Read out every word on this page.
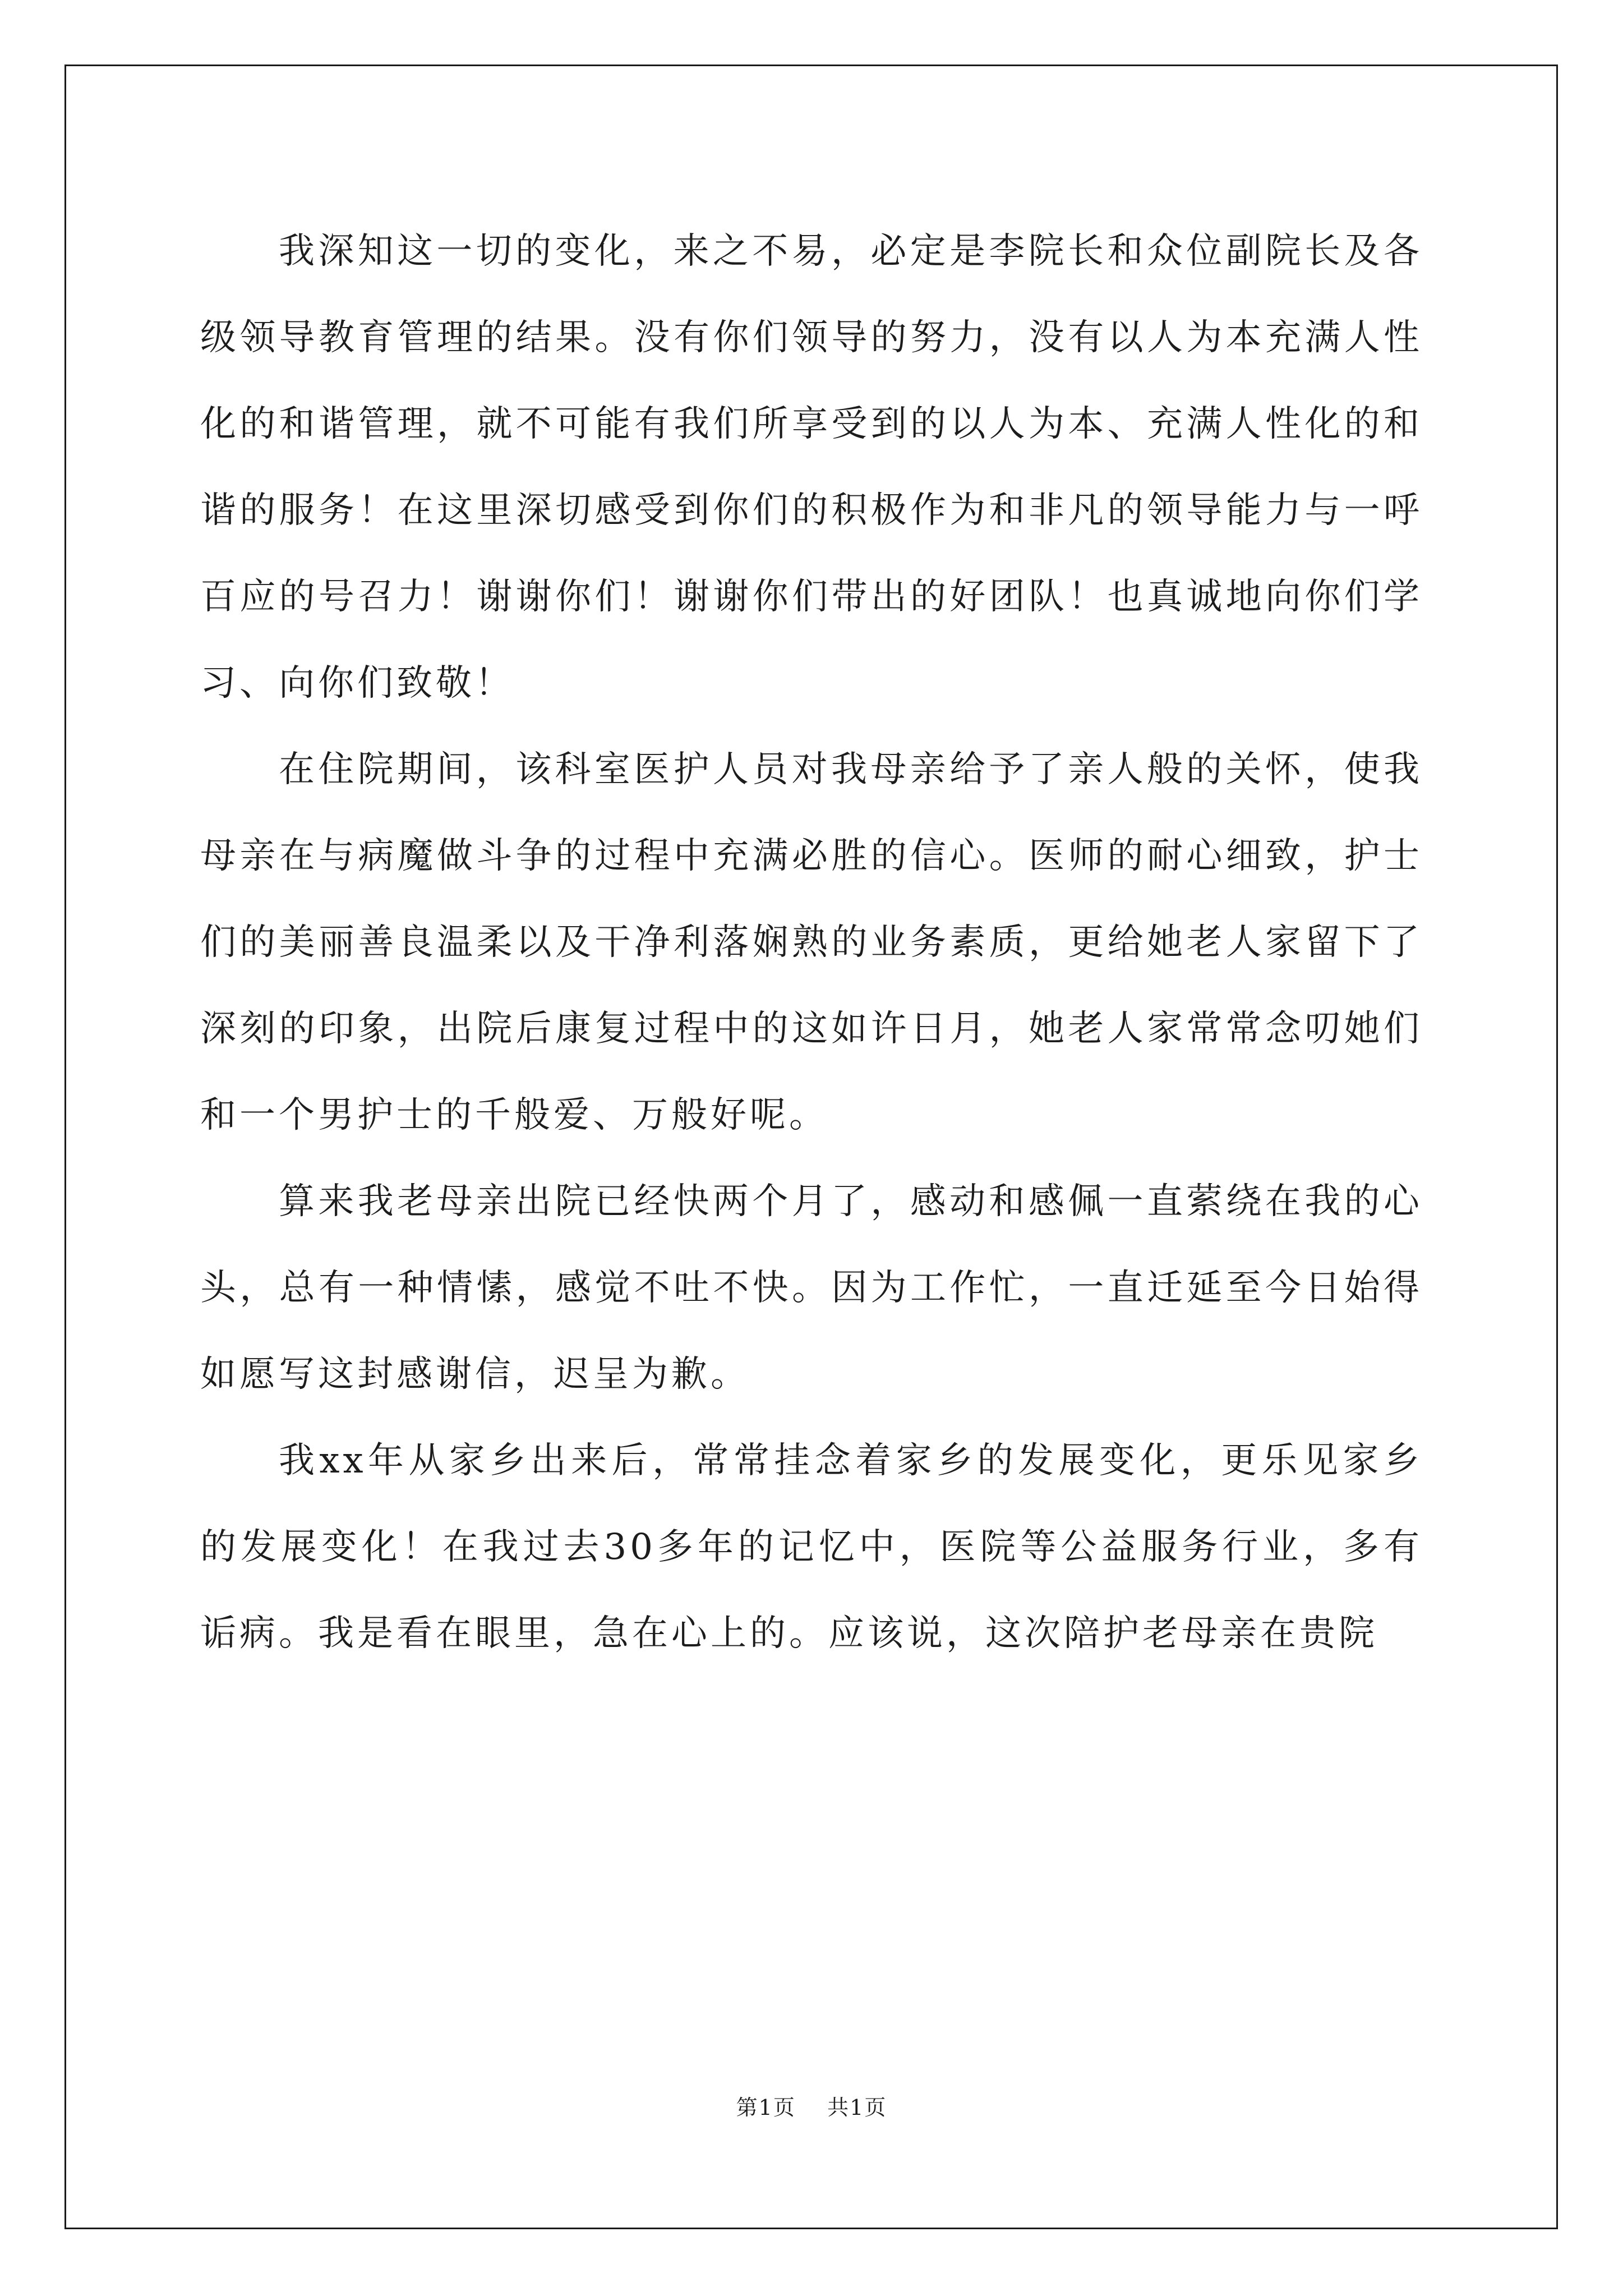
我深知这一切的变化，来之不易，必定是李院长和众位副院长及各级领导教育管理的结果。没有你们领导的努力，没有以人为本充满人性化的和谐管理，就不可能有我们所享受到的以人为本、充满人性化的和谐的服务！在这里深切感受到你们的积极作为和非凡的领导能力与一呼百应的号召力！谢谢你们！谢谢你们带出的好团队！也真诚地向你们学习、向你们致敬！

在住院期间，该科室医护人员对我母亲给予了亲人般的关怀，使我母亲在与病魔做斗争的过程中充满必胜的信心。医师的耐心细致，护士们的美丽善良温柔以及干净利落娴熟的业务素质，更给她老人家留下了深刻的印象，出院后康复过程中的这如许日月，她老人家常常念叨她们和一个男护士的千般爱、万般好呢。

算来我老母亲出院已经快两个月了，感动和感佩一直萦绕在我的心头，总有一种情愫，感觉不吐不快。因为工作忙，一直迁延至今日始得如愿写这封感谢信，迟呈为歉。

我xx年从家乡出来后，常常挂念着家乡的发展变化，更乐见家乡的发展变化！在我过去30多年的记忆中，医院等公益服务行业，多有诟病。我是看在眼里，急在心上的。应该说，这次陪护老母亲在贵院

第1页 共1页
